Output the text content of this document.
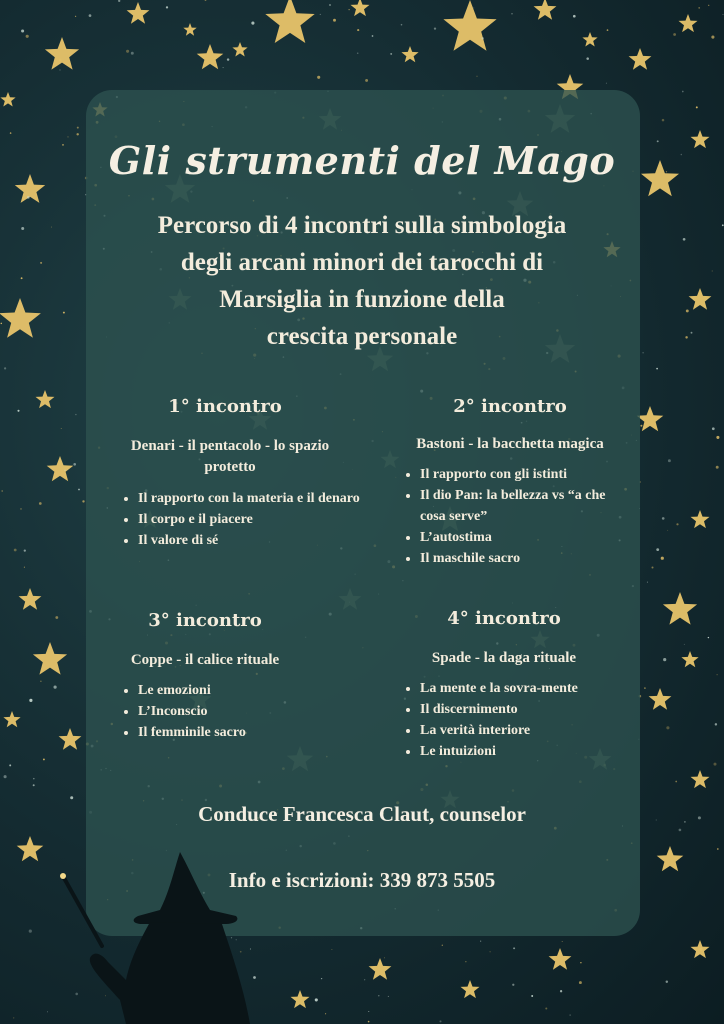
Gli strumenti del Mago
Percorso di 4 incontri sulla simbologia
degli arcani minori dei tarocchi di
Marsiglia in funzione della
crescita personale
1° incontro
Denari - il pentacolo - lo spazio
protetto
• Il rapporto con la materia e il denaro
• Il corpo e il piacere
• Il valore di sé
2° incontro
Bastoni - la bacchetta magica
• Il rapporto con gli istinti
• Il dio Pan: la bellezza vs “a che cosa serve”
• L’autostima
• Il maschile sacro
3° incontro
Coppe - il calice rituale
• Le emozioni
• L’Inconscio
• Il femminile sacro
4° incontro
Spade - la daga rituale
• La mente e la sovra-mente
• Il discernimento
• La verità interiore
• Le intuizioni
Conduce Francesca Claut, counselor
Info e iscrizioni: 339 873 5505
